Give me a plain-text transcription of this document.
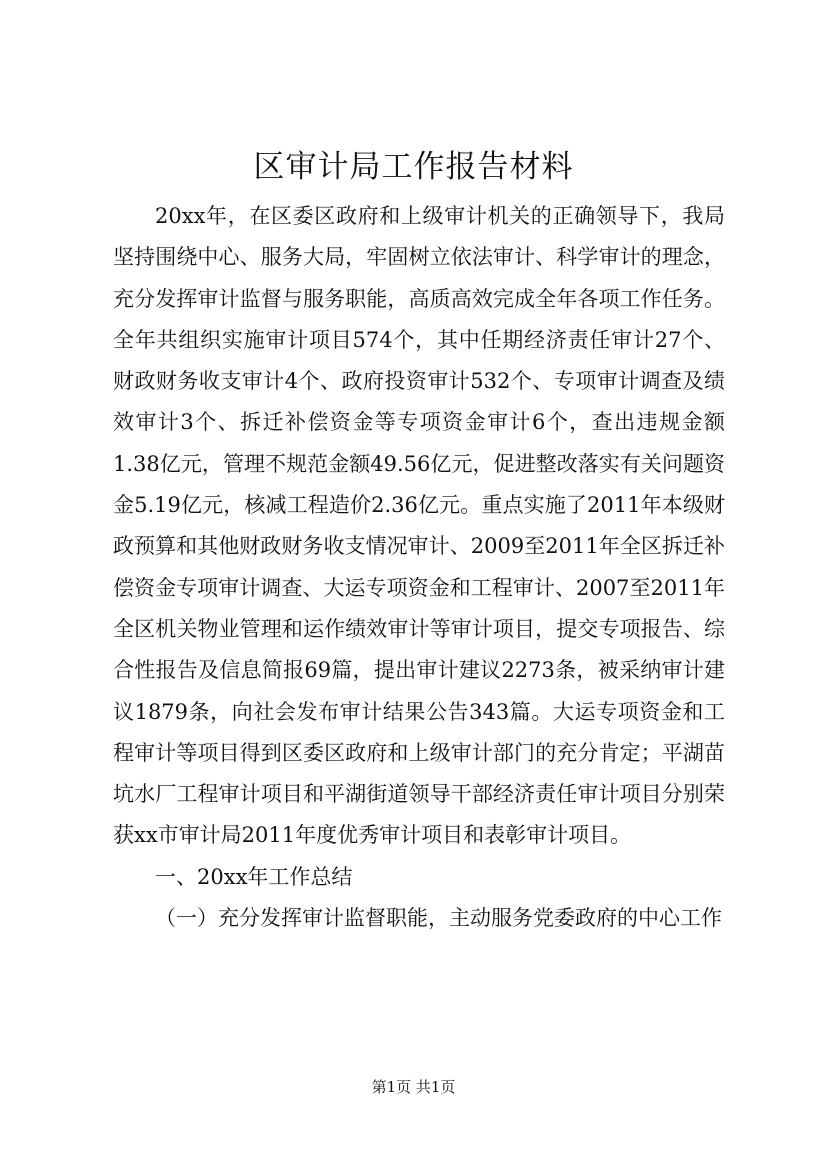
区审计局工作报告材料

20xx年，在区委区政府和上级审计机关的正确领导下，我局坚持围绕中心、服务大局，牢固树立依法审计、科学审计的理念，充分发挥审计监督与服务职能，高质高效完成全年各项工作任务。全年共组织实施审计项目574个，其中任期经济责任审计27个、财政财务收支审计4个、政府投资审计532个、专项审计调查及绩效审计3个、拆迁补偿资金等专项资金审计6个，查出违规金额1.38亿元，管理不规范金额49.56亿元，促进整改落实有关问题资金5.19亿元，核减工程造价2.36亿元。重点实施了2011年本级财政预算和其他财政财务收支情况审计、2009至2011年全区拆迁补偿资金专项审计调查、大运专项资金和工程审计、2007至2011年全区机关物业管理和运作绩效审计等审计项目，提交专项报告、综合性报告及信息简报69篇，提出审计建议2273条，被采纳审计建议1879条，向社会发布审计结果公告343篇。大运专项资金和工程审计等项目得到区委区政府和上级审计部门的充分肯定；平湖苗坑水厂工程审计项目和平湖街道领导干部经济责任审计项目分别荣获xx市审计局2011年度优秀审计项目和表彰审计项目。

一、20xx年工作总结

（一）充分发挥审计监督职能，主动服务党委政府的中心工作

第1页 共1页
